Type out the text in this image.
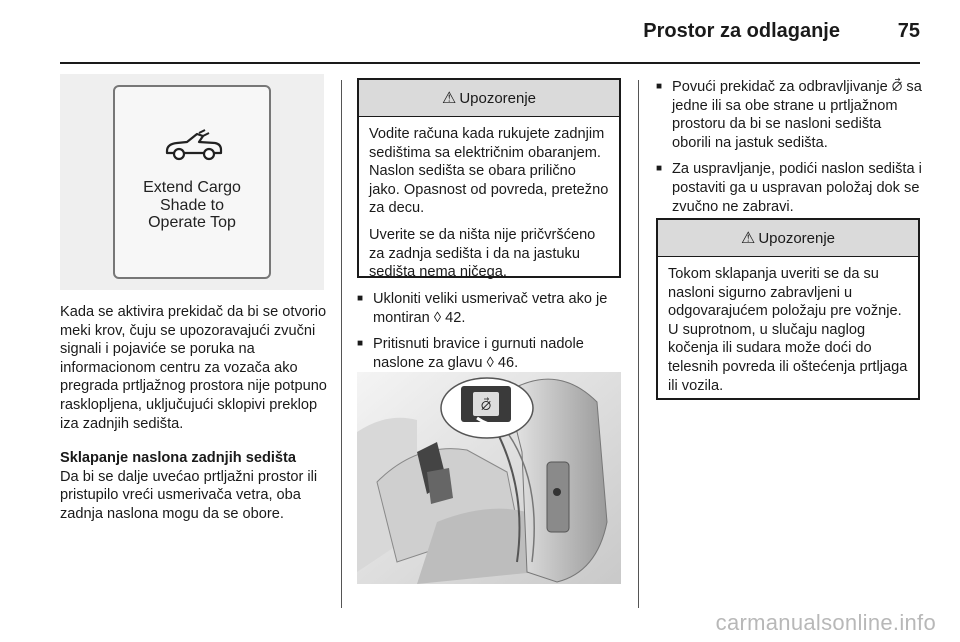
Prostor za odlaganje	75
Extend Cargo
Shade to
Operate Top

Kada se aktivira prekidač da bi se otvorio meki krov, čuju se upozoravajući zvučni signali i pojaviće se poruka na informacionom centru za vozača ako pregrada prtljažnog prostora nije potpuno rasklopljena, uključujući sklopivi preklop iza zadnjih sedišta.

Sklapanje naslona zadnjih sedišta

Da bi se dalje uvećao prtljažni prostor ili pristupilo vreći usmerivača vetra, oba zadnja naslona mogu da se obore.

⚠ Upozorenje

Vodite računa kada rukujete zadnjim sedištima sa električnim obaranjem. Naslon sedišta se obara prilično jako. Opasnost od povreda, pretežno za decu.

Uverite se da ništa nije pričvršćeno za zadnja sedišta i da na jastuku sedišta nema ničega.

■ Ukloniti veliki usmerivač vetra ako je montiran ◊ 42.
■ Pritisnuti bravice i gurnuti nadole naslone za glavu ◊ 46.
⦳
■ Povući prekidač za odbravljivanje ⦳ sa jedne ili sa obe strane u prtljažnom prostoru da bi se nasloni sedišta oborili na jastuk sedišta.
■ Za uspravljanje, podići naslon sedišta i postaviti ga u uspravan položaj dok se zvučno ne zabravi.
⚠ Upozorenje

Tokom sklapanja uveriti se da su nasloni sigurno zabravljeni u odgovarajućem položaju pre vožnje. U suprotnom, u slučaju naglog kočenja ili sudara može doći do telesnih povreda ili oštećenja prtljaga ili vozila.

carmanualsonline.info
